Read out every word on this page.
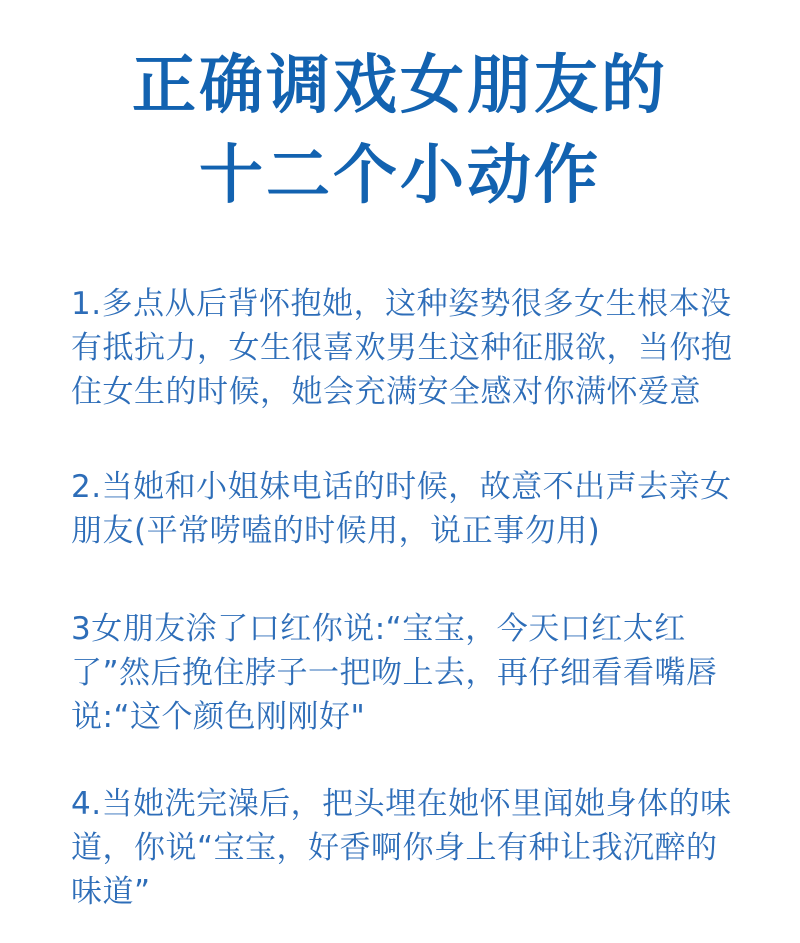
正确调戏女朋友的
十二个小动作
1.多点从后背怀抱她，这种姿势很多女生根本没有抵抗力，女生很喜欢男生这种征服欲，当你抱住女生的时候，她会充满安全感对你满怀爱意
2.当她和小姐妹电话的时候，故意不出声去亲女朋友(平常唠嗑的时候用，说正事勿用)
3女朋友涂了口红你说:“宝宝，今天口红太红了”然后挽住脖子一把吻上去，再仔细看看嘴唇说:“这个颜色刚刚好"
4.当她洗完澡后，把头埋在她怀里闻她身体的味道，你说“宝宝，好香啊你身上有种让我沉醉的味道”
